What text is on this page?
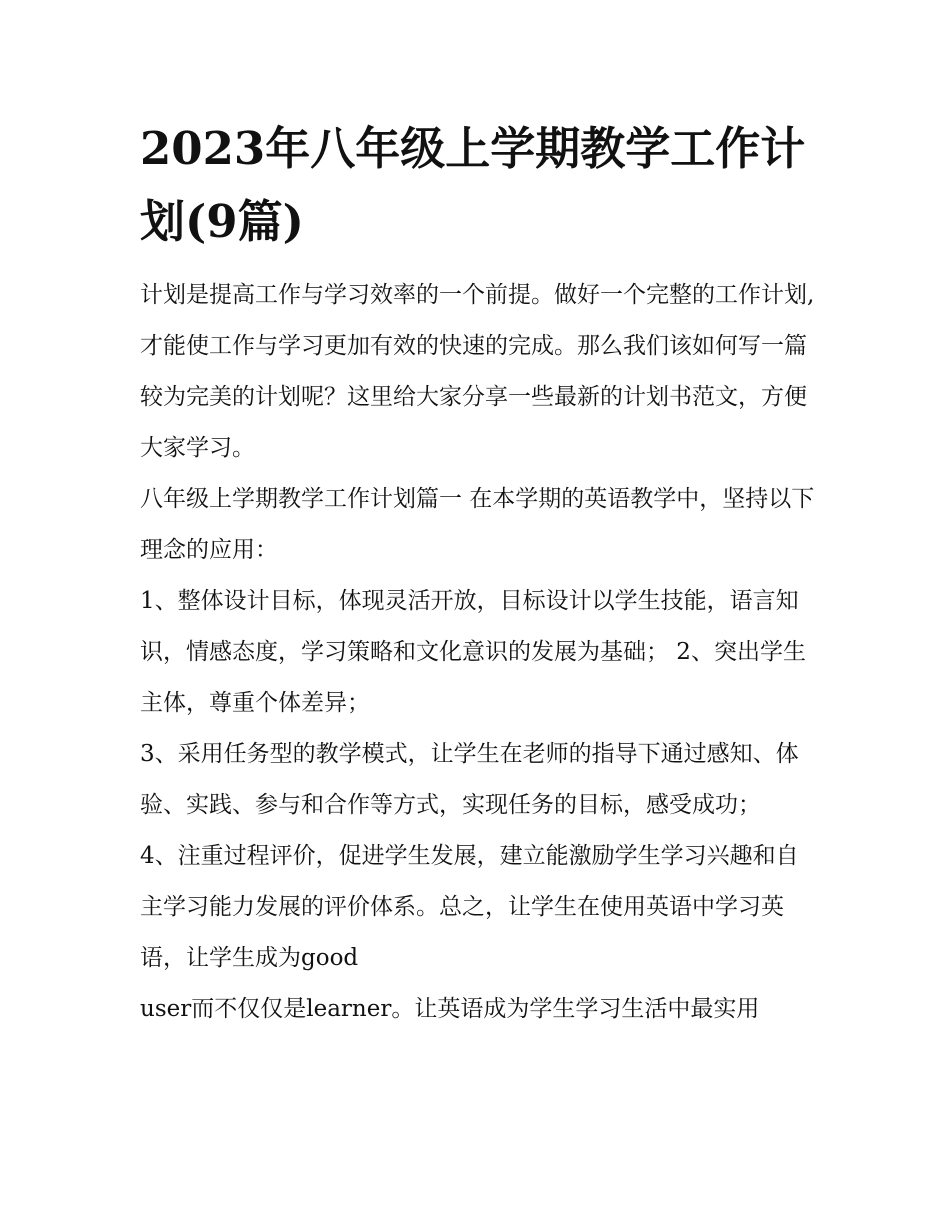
2023年八年级上学期教学工作计划(9篇)

计划是提高工作与学习效率的一个前提。做好一个完整的工作计划,才能使工作与学习更加有效的快速的完成。那么我们该如何写一篇较为完美的计划呢？这里给大家分享一些最新的计划书范文，方便大家学习。

八年级上学期教学工作计划篇一 在本学期的英语教学中，坚持以下理念的应用：

1、整体设计目标，体现灵活开放，目标设计以学生技能，语言知识，情感态度，学习策略和文化意识的发展为基础； 2、突出学生主体，尊重个体差异；

3、采用任务型的教学模式，让学生在老师的指导下通过感知、体验、实践、参与和合作等方式，实现任务的目标，感受成功；

4、注重过程评价，促进学生发展，建立能激励学生学习兴趣和自主学习能力发展的评价体系。总之，让学生在使用英语中学习英语，让学生成为good

user而不仅仅是learner。让英语成为学生学习生活中最实用
